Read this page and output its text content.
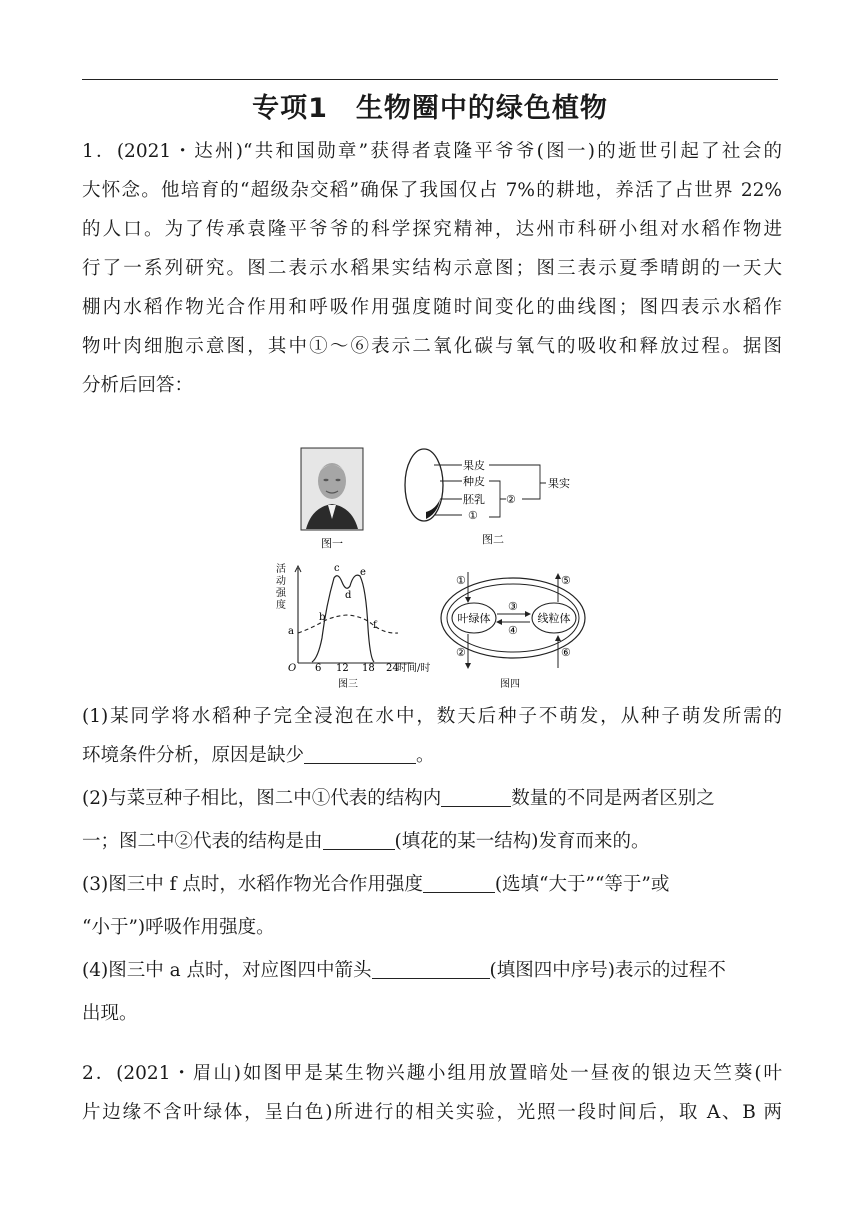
专项1　生物圈中的绿色植物
1．(2021・达州)“共和国勋章”获得者袁隆平爷爷(图一)的逝世引起了社会的
大怀念。他培育的“超级杂交稻”确保了我国仅占 7%的耕地，养活了占世界 22%
的人口。为了传承袁隆平爷爷的科学探究精神，达州市科研小组对水稻作物进
行了一系列研究。图二表示水稻果实结构示意图；图三表示夏季晴朗的一天大
棚内水稻作物光合作用和呼吸作用强度随时间变化的曲线图；图四表示水稻作
物叶肉细胞示意图，其中①～⑥表示二氧化碳与氧气的吸收和释放过程。据图
分析后回答：
图一
果皮
种皮
胚乳
①
②
果实
图二
活
动
强
度
O 6 12 18 24
时间/时
a
b
c
d
e
f
图三
叶绿体	线粒体
①
②
③
④
⑤
⑥
图四
(1)某同学将水稻种子完全浸泡在水中，数天后种子不萌发，从种子萌发所需的
环境条件分析，原因是缺少	。
(2)与菜豆种子相比，图二中①代表的结构内	数量的不同是两者区别之
一；图二中②代表的结构是由	(填花的某一结构)发育而来的。
(3)图三中 f 点时，水稻作物光合作用强度	(选填“大于”“等于”或
“小于”)呼吸作用强度。
(4)图三中 a 点时，对应图四中箭头	(填图四中序号)表示的过程不
出现。
2．(2021・眉山)如图甲是某生物兴趣小组用放置暗处一昼夜的银边天竺葵(叶
片边缘不含叶绿体，呈白色)所进行的相关实验，光照一段时间后，取 A、B 两
